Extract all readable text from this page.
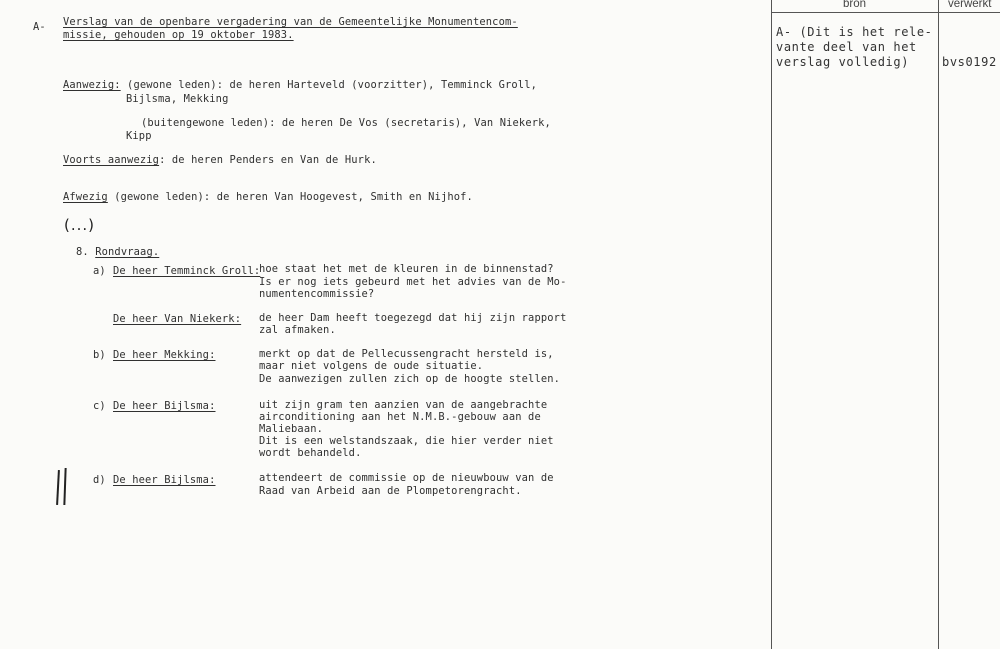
bron	verwerkt
A- (Dit is het rele-
vante deel van het
verslag volledig)	bvs0192
A- Verslag van de openbare vergadering van de Gemeentelijke Monumentencom-
missie, gehouden op 19 oktober 1983.
Aanwezig: (gewone leden): de heren Harteveld (voorzitter), Temminck Groll,
Bijlsma, Mekking
(buitengewone leden): de heren De Vos (secretaris), Van Niekerk,
Kipp
Voorts aanwezig: de heren Penders en Van de Hurk.
Afwezig (gewone leden): de heren Van Hoogevest, Smith en Nijhof.
(...)
8. Rondvraag.
a) De heer Temminck Groll:
hoe staat het met de kleuren in de binnenstad?
Is er nog iets gebeurd met het advies van de Mo-
numentencommissie?
De heer Van Niekerk: de heer Dam heeft toegezegd dat hij zijn rapport
zal afmaken.
b) De heer Mekking:	merkt op dat de Pellecussengracht hersteld is,
maar niet volgens de oude situatie.
De aanwezigen zullen zich op de hoogte stellen.
c) De heer Bijlsma:	uit zijn gram ten aanzien van de aangebrachte
airconditioning aan het N.M.B.-gebouw aan de
Maliebaan.
Dit is een welstandszaak, die hier verder niet
wordt behandeld.
d) De heer Bijlsma:	attendeert de commissie op de nieuwbouw van de
Raad van Arbeid aan de Plompetorengracht.
